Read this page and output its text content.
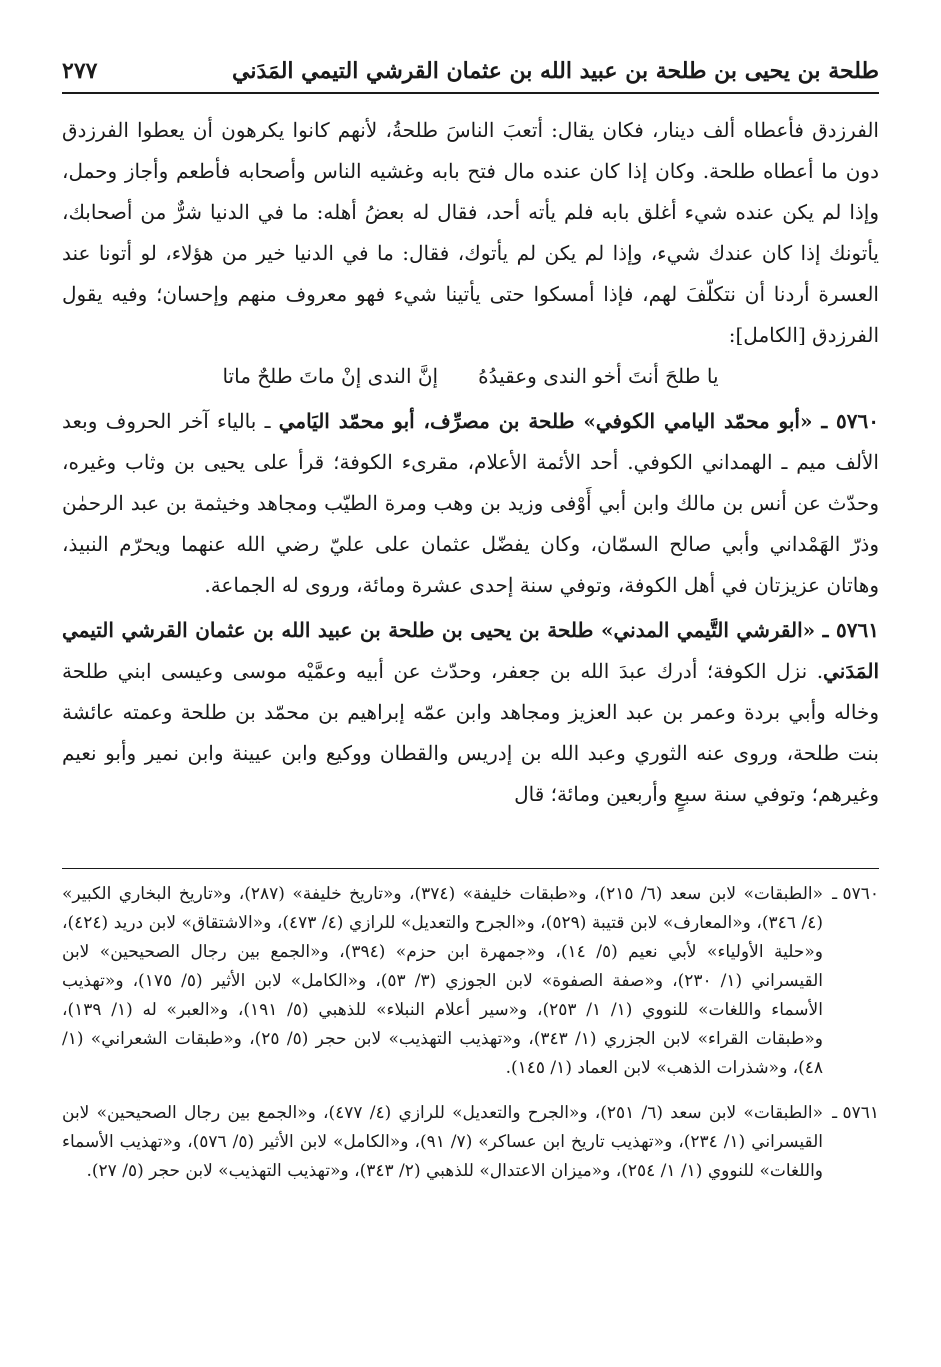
طلحة بن يحيى بن طلحة بن عبيد الله بن عثمان القرشي التيمي المَدَني
٢٧٧

الفرزدق فأعطاه ألف دينار، فكان يقال: أتعبَ الناسَ طلحةُ، لأنهم كانوا يكرهون أن يعطوا الفرزدق دون ما أعطاه طلحة. وكان إذا كان عنده مال فتح بابه وغشيه الناس وأصحابه فأطعم وأجاز وحمل، وإذا لم يكن عنده شيء أغلق بابه فلم يأته أحد، فقال له بعضُ أهله: ما في الدنيا شرٌّ من أصحابك، يأتونك إذا كان عندك شيء، وإذا لم يكن لم يأتوك، فقال: ما في الدنيا خير من هؤلاء، لو أتونا عند العسرة أردنا أن نتكلّفَ لهم، فإذا أمسكوا حتى يأتينا شيء فهو معروف منهم وإحسان؛ وفيه يقول الفرزدق [الكامل]:

يا طلحَ أنتَ أخو الندى وعقيدُهُ
إنَّ الندى إنْ ماتَ طلحٌ ماتا

٥٧٦٠ ـ «أبو محمّد اليامي الكوفي» طلحة بن مصرِّف، أبو محمّد اليَامي ـ بالياء آخر الحروف وبعد الألف ميم ـ الهمداني الكوفي. أحد الأئمة الأعلام، مقرىء الكوفة؛ قرأ على يحيى بن وثاب وغيره، وحدّث عن أنس بن مالك وابن أبي أَوْفى وزيد بن وهب ومرة الطيّب ومجاهد وخيثمة بن عبد الرحمٰن وذرّ الهَمْداني وأبي صالح السمّان، وكان يفضّل عثمان على عليّ رضي الله عنهما ويحرّم النبيذ، وهاتان عزيزتان في أهل الكوفة، وتوفي سنة إحدى عشرة ومائة، وروى له الجماعة.

٥٧٦١ ـ «القرشي التَّيمي المدني» طلحة بن يحيى بن طلحة بن عبيد الله بن عثمان القرشي التيمي المَدَني. نزل الكوفة؛ أدرك عبدَ الله بن جعفر، وحدّث عن أبيه وعمَّيْه موسى وعيسى ابني طلحة وخاله وأبي بردة وعمر بن عبد العزيز ومجاهد وابن عمّه إبراهيم بن محمّد بن طلحة وعمته عائشة بنت طلحة، وروى عنه الثوري وعبد الله بن إدريس والقطان ووكيع وابن عيينة وابن نمير وأبو نعيم وغيرهم؛ وتوفي سنة سبعٍ وأربعين ومائة؛ قال

٥٧٦٠ ـ
«الطبقات» لابن سعد (٦/ ٢١٥)، و«طبقات خليفة» (٣٧٤)، و«تاريخ خليفة» (٢٨٧)، و«تاريخ البخاري الكبير» (٤/ ٣٤٦)، و«المعارف» لابن قتيبة (٥٢٩)، و«الجرح والتعديل» للرازي (٤/ ٤٧٣)، و«الاشتقاق» لابن دريد (٤٢٤)، و«حلية الأولياء» لأبي نعيم (٥/ ١٤)، و«جمهرة ابن حزم» (٣٩٤)، و«الجمع بين رجال الصحيحين» لابن القيسراني (١/ ٢٣٠)، و«صفة الصفوة» لابن الجوزي (٣/ ٥٣)، و«الكامل» لابن الأثير (٥/ ١٧٥)، و«تهذيب الأسماء واللغات» للنووي (١/ ١/ ٢٥٣)، و«سير أعلام النبلاء» للذهبي (٥/ ١٩١)، و«العبر» له (١/ ١٣٩)، و«طبقات القراء» لابن الجزري (١/ ٣٤٣)، و«تهذيب التهذيب» لابن حجر (٥/ ٢٥)، و«طبقات الشعراني» (١/ ٤٨)، و«شذرات الذهب» لابن العماد (١/ ١٤٥).
٥٧٦١ ـ
«الطبقات» لابن سعد (٦/ ٢٥١)، و«الجرح والتعديل» للرازي (٤/ ٤٧٧)، و«الجمع بين رجال الصحيحين» لابن القيسراني (١/ ٢٣٤)، و«تهذيب تاريخ ابن عساكر» (٧/ ٩١)، و«الكامل» لابن الأثير (٥/ ٥٧٦)، و«تهذيب الأسماء واللغات» للنووي (١/ ١/ ٢٥٤)، و«ميزان الاعتدال» للذهبي (٢/ ٣٤٣)، و«تهذيب التهذيب» لابن حجر (٥/ ٢٧).
